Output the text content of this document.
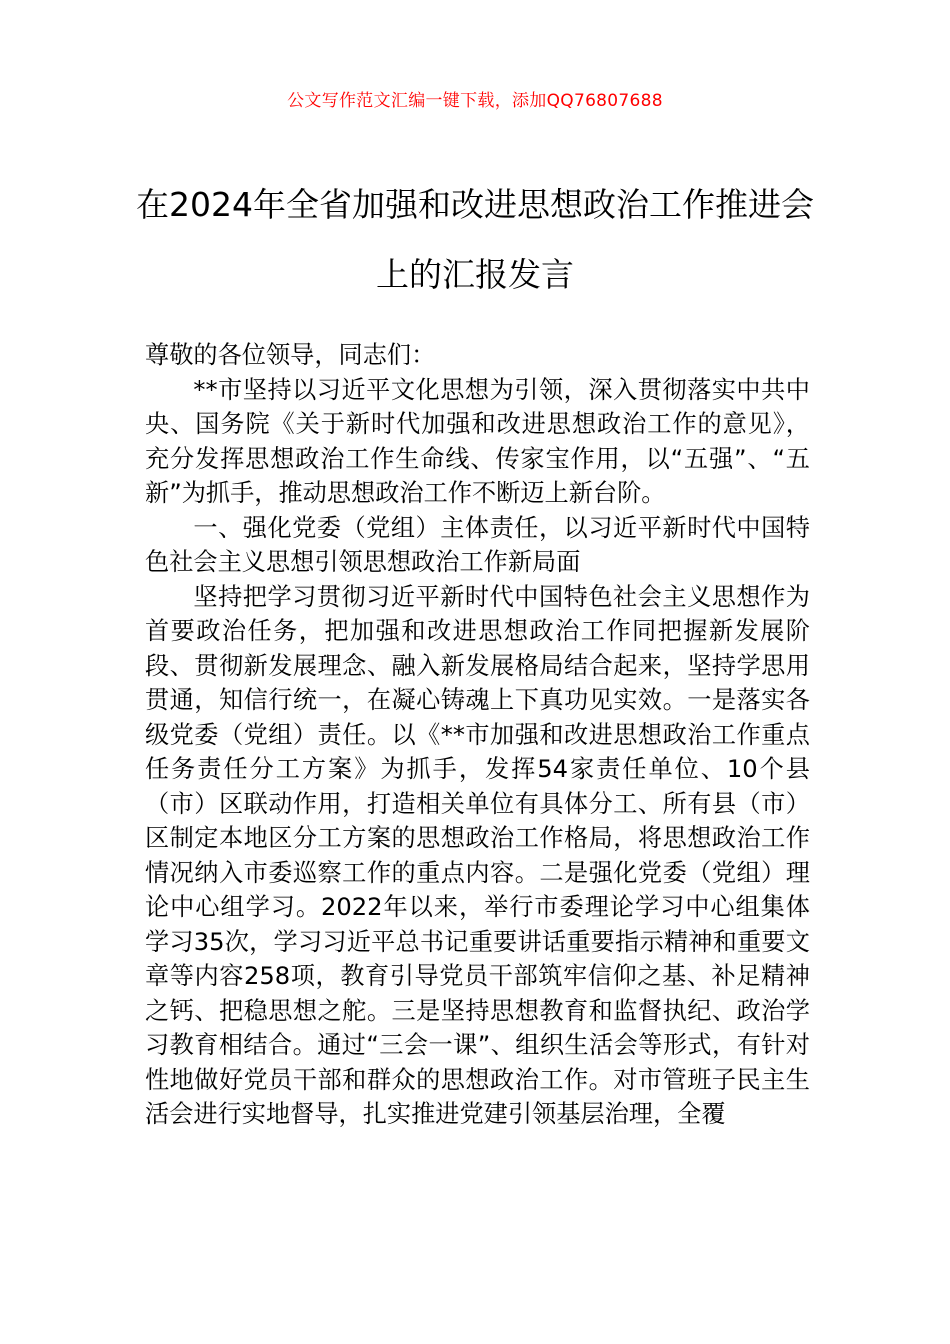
公文写作范文汇编一键下载，添加QQ76807688
在2024年全省加强和改进思想政治工作推进会上的汇报发言

尊敬的各位领导，同志们：

**市坚持以习近平文化思想为引领，深入贯彻落实中共中央、国务院《关于新时代加强和改进思想政治工作的意见》，充分发挥思想政治工作生命线、传家宝作用，以“五强”、“五新”为抓手，推动思想政治工作不断迈上新台阶。

一、强化党委（党组）主体责任，以习近平新时代中国特色社会主义思想引领思想政治工作新局面

坚持把学习贯彻习近平新时代中国特色社会主义思想作为首要政治任务，把加强和改进思想政治工作同把握新发展阶段、贯彻新发展理念、融入新发展格局结合起来，坚持学思用贯通，知信行统一，在凝心铸魂上下真功见实效。一是落实各级党委（党组）责任。以《**市加强和改进思想政治工作重点任务责任分工方案》为抓手，发挥54家责任单位、10个县（市）区联动作用，打造相关单位有具体分工、所有县（市）区制定本地区分工方案的思想政治工作格局，将思想政治工作情况纳入市委巡察工作的重点内容。二是强化党委（党组）理论中心组学习。2022年以来，举行市委理论学习中心组集体学习35次，学习习近平总书记重要讲话重要指示精神和重要文章等内容258项，教育引导党员干部筑牢信仰之基、补足精神之钙、把稳思想之舵。三是坚持思想教育和监督执纪、政治学习教育相结合。通过“三会一课”、组织生活会等形式，有针对性地做好党员干部和群众的思想政治工作。对市管班子民主生活会进行实地督导，扎实推进党建引领基层治理，全覆
